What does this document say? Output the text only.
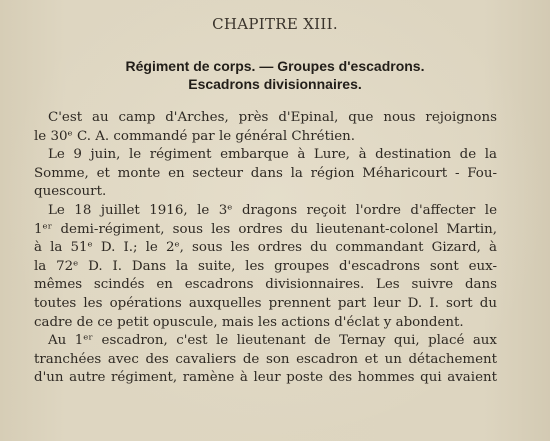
CHAPITRE XIII.
Régiment de corps. — Groupes d'escadrons.
Escadrons divisionnaires.
C'est au camp d'Arches, près d'Epinal, que nous rejoignons
le 30ᵉ C. A. commandé par le général Chrétien.
Le 9 juin, le régiment embarque à Lure, à destination de la
Somme, et monte en secteur dans la région Méharicourt - Fou-
quescourt.
Le 18 juillet 1916, le 3ᵉ dragons reçoit l'ordre d'affecter le
1ᵉʳ demi-régiment, sous les ordres du lieutenant-colonel Martin,
à la 51ᵉ D. I.; le 2ᵉ, sous les ordres du commandant Gizard, à
la 72ᵉ D. I. Dans la suite, les groupes d'escadrons sont eux-
mêmes scindés en escadrons divisionnaires. Les suivre dans
toutes les opérations auxquelles prennent part leur D. I. sort du
cadre de ce petit opuscule, mais les actions d'éclat y abondent.
Au 1ᵉʳ escadron, c'est le lieutenant de Ternay qui, placé aux
tranchées avec des cavaliers de son escadron et un détachement
d'un autre régiment, ramène à leur poste des hommes qui avaient
